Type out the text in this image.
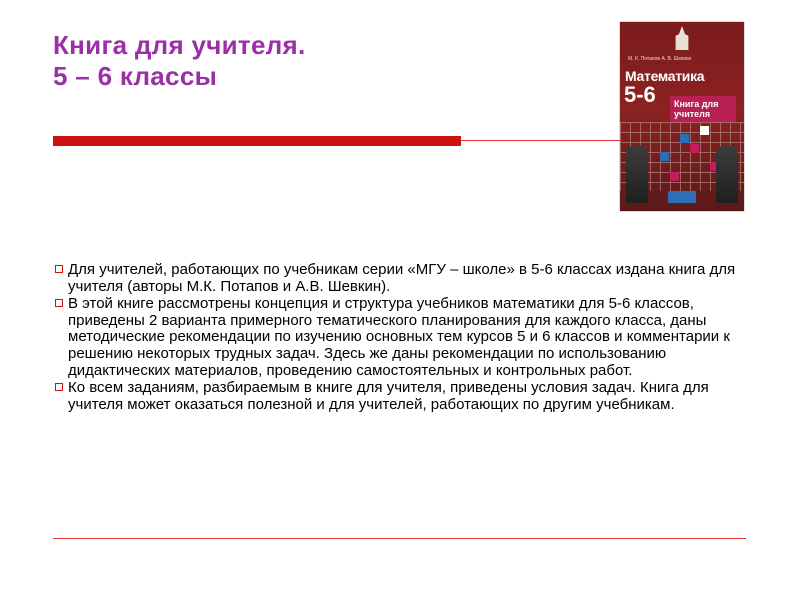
Книга для учителя.
5 – 6 классы
М. К. Потапов А. В. Шевкин
Математика
5-6	Книга для учителя
Для учителей, работающих по учебникам серии «МГУ – школе» в 5-6 классах издана книга для учителя (авторы М.К. Потапов и А.В. Шевкин).
В этой книге рассмотрены концепция и структура учебников математики для 5-6 классов, приведены 2 варианта примерного тематического планирования для каждого класса, даны методические рекомендации по изучению основных тем курсов 5 и 6 классов и комментарии к решению некоторых трудных задач. Здесь же даны рекомендации по использованию дидактических материалов, проведению самостоятельных и контрольных работ.
Ко всем заданиям, разбираемым в книге для учителя, приведены условия задач. Книга для учителя может оказаться полезной и для учителей, работающих по другим учебникам.
